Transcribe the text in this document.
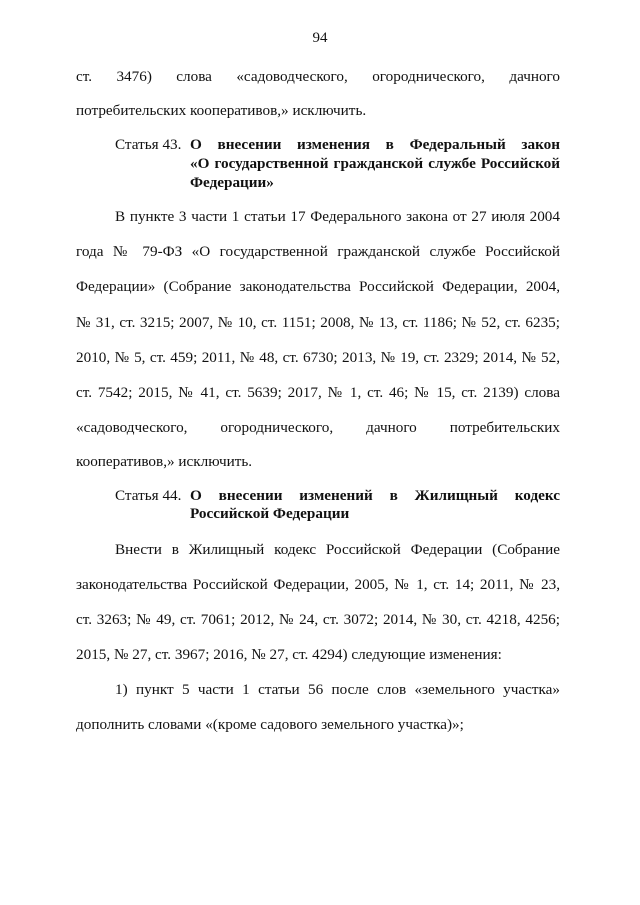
94
ст. 3476) слова «садоводческого, огороднического, дачного
потребительских кооперативов,» исключить.
Статья 43. О внесении изменения в Федеральный закон
«О государственной гражданской службе Российской
Федерации»
В пункте 3 части 1 статьи 17 Федерального закона от 27 июля 2004
года № 79-ФЗ «О государственной гражданской службе Российской
Федерации» (Собрание законодательства Российской Федерации, 2004,
№ 31, ст. 3215; 2007, № 10, ст. 1151; 2008, № 13, ст. 1186; № 52, ст. 6235;
2010, № 5, ст. 459; 2011, № 48, ст. 6730; 2013, № 19, ст. 2329; 2014, № 52,
ст. 7542; 2015, № 41, ст. 5639; 2017, № 1, ст. 46; № 15, ст. 2139) слова
«садоводческого, огороднического, дачного потребительских
кооперативов,» исключить.
Статья 44. О внесении изменений в Жилищный кодекс
Российской Федерации
Внести в Жилищный кодекс Российской Федерации (Собрание
законодательства Российской Федерации, 2005, № 1, ст. 14; 2011, № 23,
ст. 3263; № 49, ст. 7061; 2012, № 24, ст. 3072; 2014, № 30, ст. 4218, 4256;
2015, № 27, ст. 3967; 2016, № 27, ст. 4294) следующие изменения:
1) пункт 5 части 1 статьи 56 после слов «земельного участка»
дополнить словами «(кроме садового земельного участка)»;
